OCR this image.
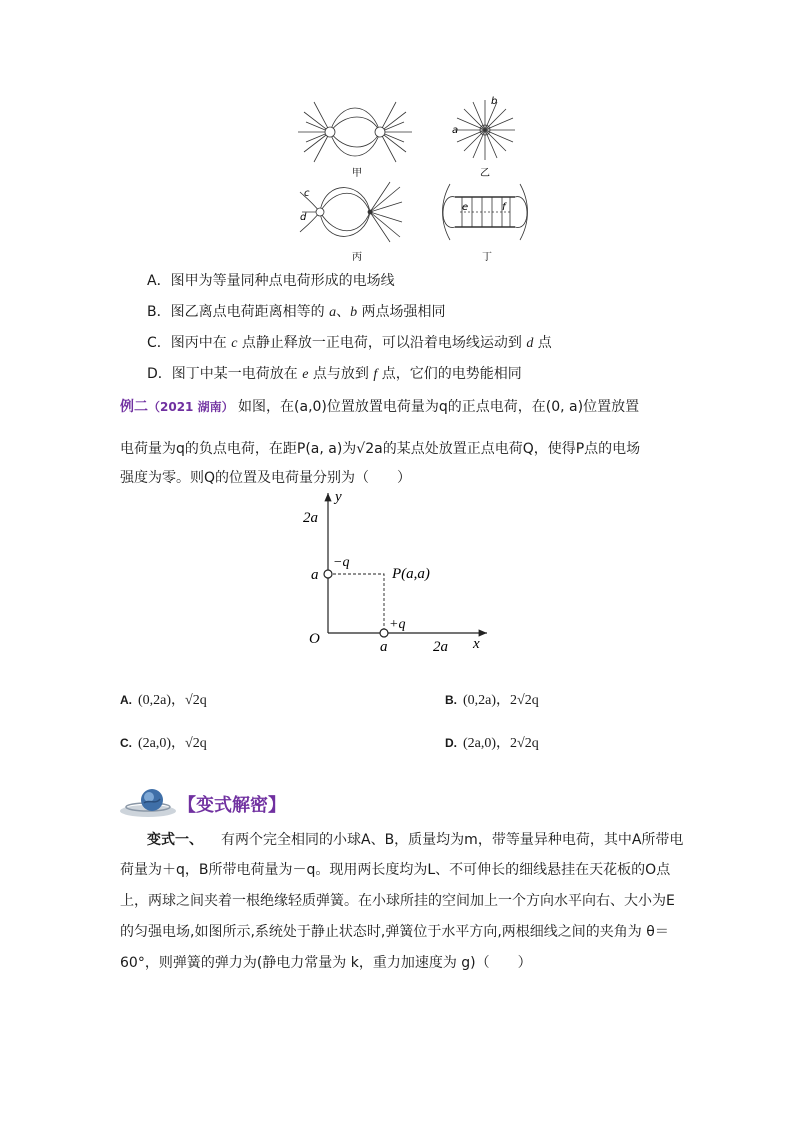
甲
a
b
乙
c
d
丙
e	f
丁
A．图甲为等量同种点电荷形成的电场线
B．图乙离点电荷距离相等的 a、b 两点场强相同
C．图丙中在 c 点静止释放一正电荷，可以沿着电场线运动到 d 点
D．图丁中某一电荷放在 e 点与放到 f 点，它们的电势能相同
例二（2021 湖南） 如图，在(a,0)位置放置电荷量为q的正点电荷，在(0, a)位置放置
电荷量为q的负点电荷，在距P(a, a)为√2a的某点处放置正点电荷Q，使得P点的电场
强度为零。则Q的位置及电荷量分别为（　　）
y
x
O
2a
a
a	2a
−q
+q
P(a,a)
A. (0,2a)，√2q	B. (0,2a)，2√2q
C. (2a,0)，√2q	D. (2a,0)，2√2q
【变式解密】
变式一、 有两个完全相同的小球A、B，质量均为m，带等量异种电荷，其中A所带电
荷量为＋q，B所带电荷量为－q。现用两长度均为L、不可伸长的细线悬挂在天花板的O点
上，两球之间夹着一根绝缘轻质弹簧。在小球所挂的空间加上一个方向水平向右、大小为E
的匀强电场,如图所示,系统处于静止状态时,弹簧位于水平方向,两根细线之间的夹角为 θ＝
60°，则弹簧的弹力为(静电力常量为 k，重力加速度为 g)（　　）
